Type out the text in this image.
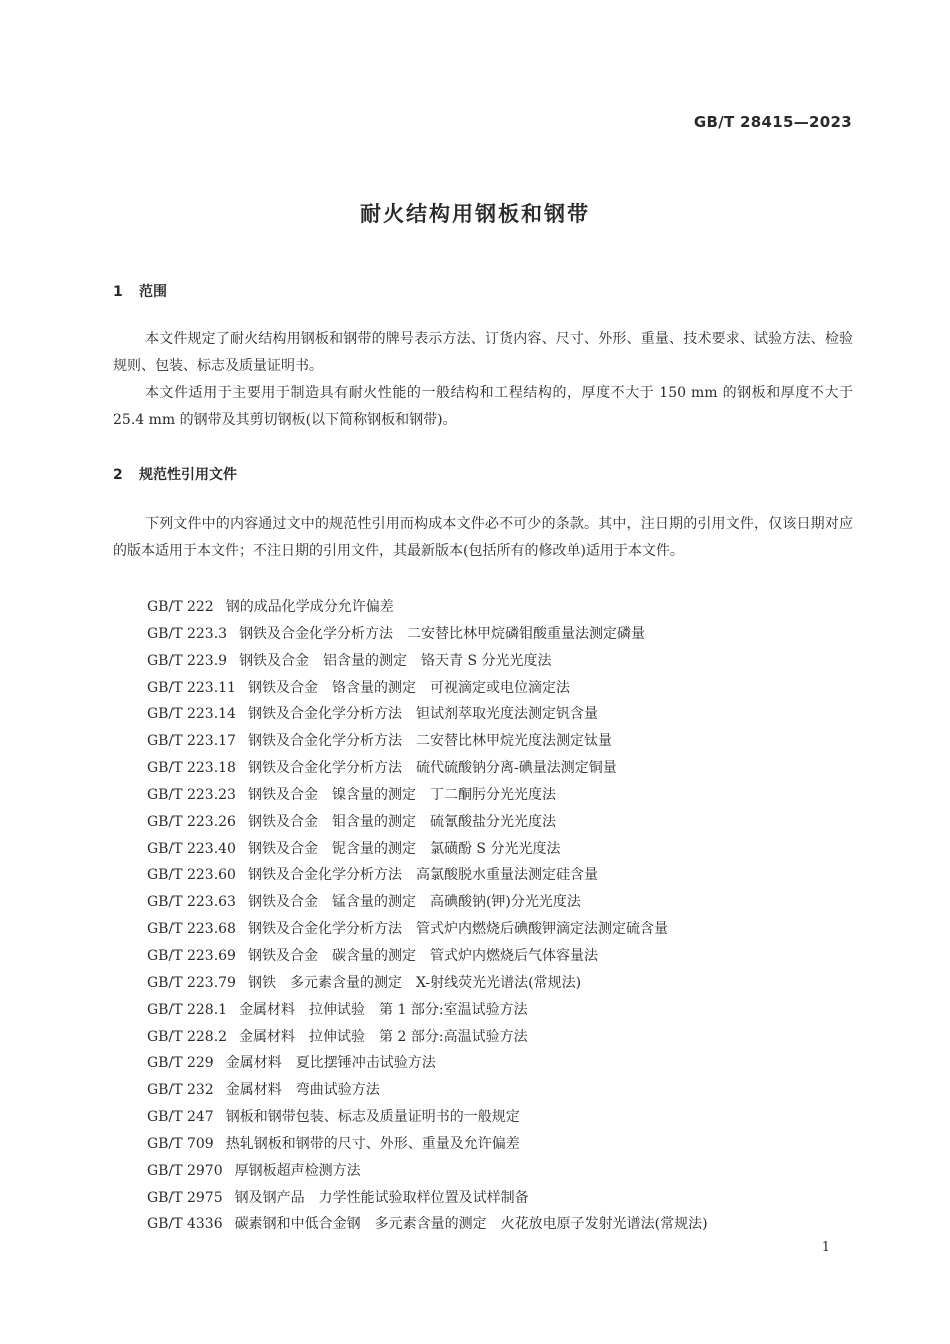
GB/T 28415—2023
耐火结构用钢板和钢带
1 范围

本文件规定了耐火结构用钢板和钢带的牌号表示方法、订货内容、尺寸、外形、重量、技术要求、试验方法、检验规则、包装、标志及质量证明书。

本文件适用于主要用于制造具有耐火性能的一般结构和工程结构的，厚度不大于 150 mm 的钢板和厚度不大于 25.4 mm 的钢带及其剪切钢板(以下简称钢板和钢带)。

2 规范性引用文件

下列文件中的内容通过文中的规范性引用而构成本文件必不可少的条款。其中，注日期的引用文件，仅该日期对应的版本适用于本文件；不注日期的引用文件，其最新版本(包括所有的修改单)适用于本文件。

GB/T 222 钢的成品化学成分允许偏差
GB/T 223.3 钢铁及合金化学分析方法　二安替比林甲烷磷钼酸重量法测定磷量
GB/T 223.9 钢铁及合金　铝含量的测定　铬天青 S 分光光度法
GB/T 223.11 钢铁及合金　铬含量的测定　可视滴定或电位滴定法
GB/T 223.14 钢铁及合金化学分析方法　钽试剂萃取光度法测定钒含量
GB/T 223.17 钢铁及合金化学分析方法　二安替比林甲烷光度法测定钛量
GB/T 223.18 钢铁及合金化学分析方法　硫代硫酸钠分离-碘量法测定铜量
GB/T 223.23 钢铁及合金　镍含量的测定　丁二酮肟分光光度法
GB/T 223.26 钢铁及合金　钼含量的测定　硫氰酸盐分光光度法
GB/T 223.40 钢铁及合金　铌含量的测定　氯磺酚 S 分光光度法
GB/T 223.60 钢铁及合金化学分析方法　高氯酸脱水重量法测定硅含量
GB/T 223.63 钢铁及合金　锰含量的测定　高碘酸钠(钾)分光光度法
GB/T 223.68 钢铁及合金化学分析方法　管式炉内燃烧后碘酸钾滴定法测定硫含量
GB/T 223.69 钢铁及合金　碳含量的测定　管式炉内燃烧后气体容量法
GB/T 223.79 钢铁　多元素含量的测定　X-射线荧光光谱法(常规法)
GB/T 228.1 金属材料　拉伸试验　第 1 部分:室温试验方法
GB/T 228.2 金属材料　拉伸试验　第 2 部分:高温试验方法
GB/T 229 金属材料　夏比摆锤冲击试验方法
GB/T 232 金属材料　弯曲试验方法
GB/T 247 钢板和钢带包装、标志及质量证明书的一般规定
GB/T 709 热轧钢板和钢带的尺寸、外形、重量及允许偏差
GB/T 2970 厚钢板超声检测方法
GB/T 2975 钢及钢产品　力学性能试验取样位置及试样制备
GB/T 4336 碳素钢和中低合金钢　多元素含量的测定　火花放电原子发射光谱法(常规法)
1
